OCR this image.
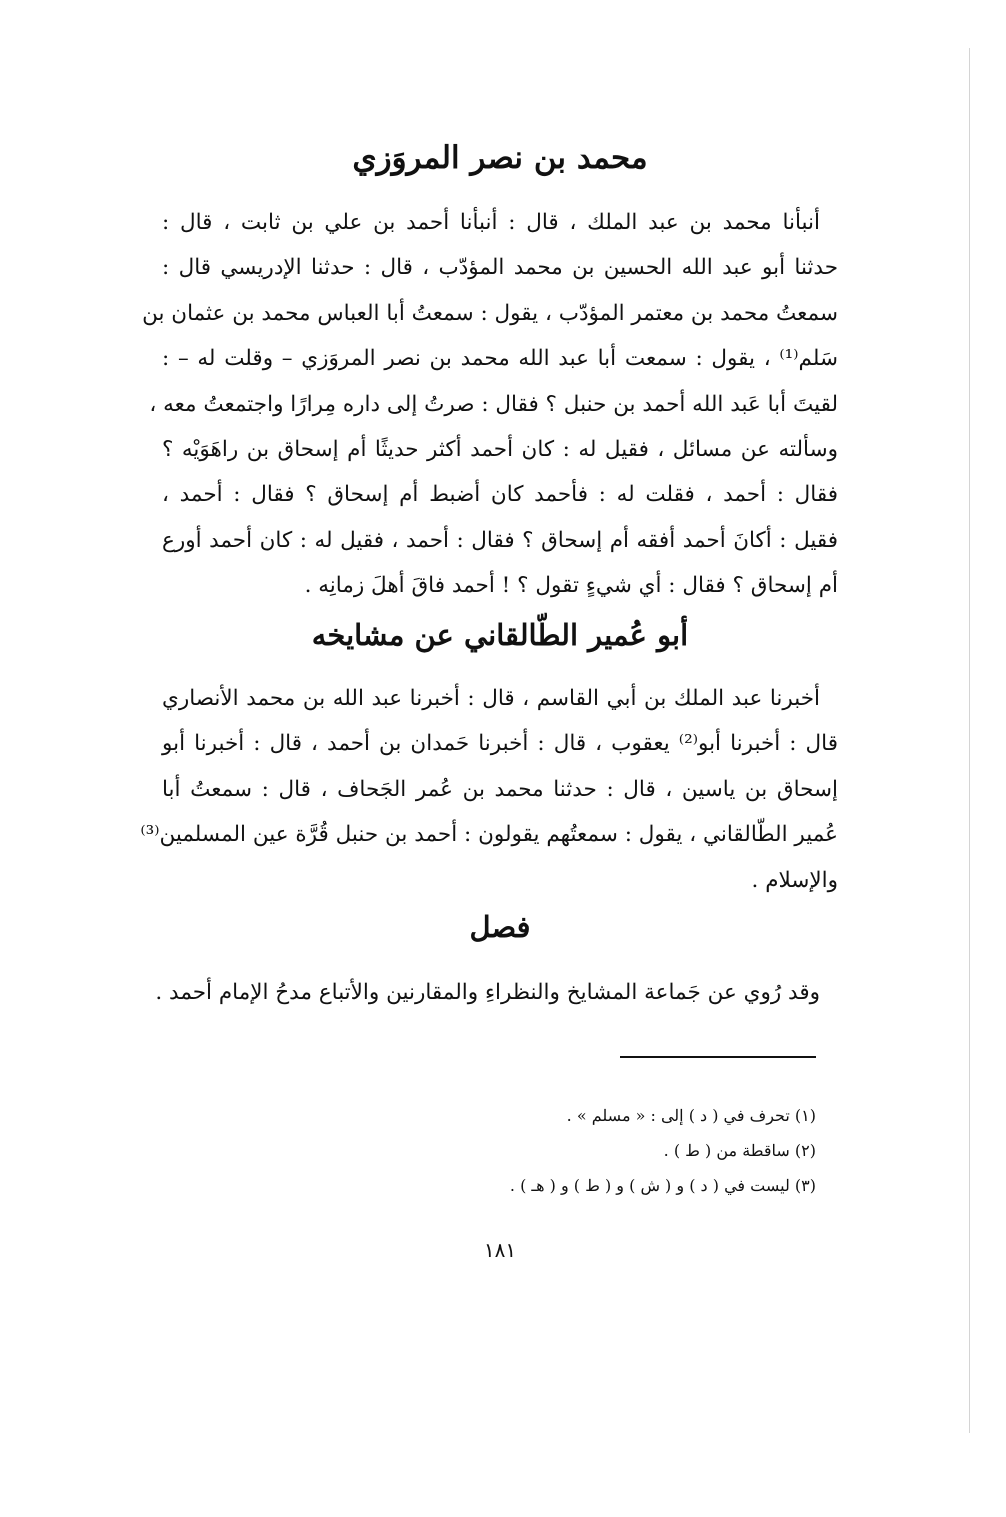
محمد بن نصر المروَزي
أنبأنا محمد بن عبد الملك ، قال : أنبأنا أحمد بن علي بن ثابت ، قال :
حدثنا أبو عبد الله الحسين بن محمد المؤدّب ، قال : حدثنا الإدريسي قال :
سمعتُ محمد بن معتمر المؤدّب ، يقول : سمعتُ أبا العباس محمد بن عثمان بن
سَلم⁽¹⁾ ، يقول : سمعت أبا عبد الله محمد بن نصر المروَزي – وقلت له – :
لقيتَ أبا عَبد الله أحمد بن حنبل ؟ فقال : صرتُ إلى داره مِرارًا واجتمعتُ معه ،
وسألته عن مسائل ، فقيل له : كان أحمد أكثر حديثًا أم إسحاق بن راهَوَيْه ؟
فقال : أحمد ، فقلت له : فأحمد كان أضبط أم إسحاق ؟ فقال : أحمد ،
فقيل : أكانَ أحمد أفقه أم إسحاق ؟ فقال : أحمد ، فقيل له : كان أحمد أورع
أم إسحاق ؟ فقال : أي شيءٍ تقول ؟ ! أحمد فاقَ أهلَ زمانِه .
أبو عُمير الطّالقاني عن مشايخه
أخبرنا عبد الملك بن أبي القاسم ، قال : أخبرنا عبد الله بن محمد الأنصاري
قال : أخبرنا أبو⁽²⁾ يعقوب ، قال : أخبرنا حَمدان بن أحمد ، قال : أخبرنا أبو
إسحاق بن ياسين ، قال : حدثنا محمد بن عُمر الجَحاف ، قال : سمعتُ أبا
عُمير الطّالقاني ، يقول : سمعتُهم يقولون : أحمد بن حنبل قُرَّة عين المسلمين⁽³⁾
والإسلام .
فصل
وقد رُوي عن جَماعة المشايخ والنظراءِ والمقارنين والأتباع مدحُ الإمام أحمد .
(١) تحرف في ( د ) إلى : « مسلم » .
(٢) ساقطة من ( ط ) .
(٣) ليست في ( د ) و ( ش ) و ( ط ) و ( هـ ) .
١٨١
